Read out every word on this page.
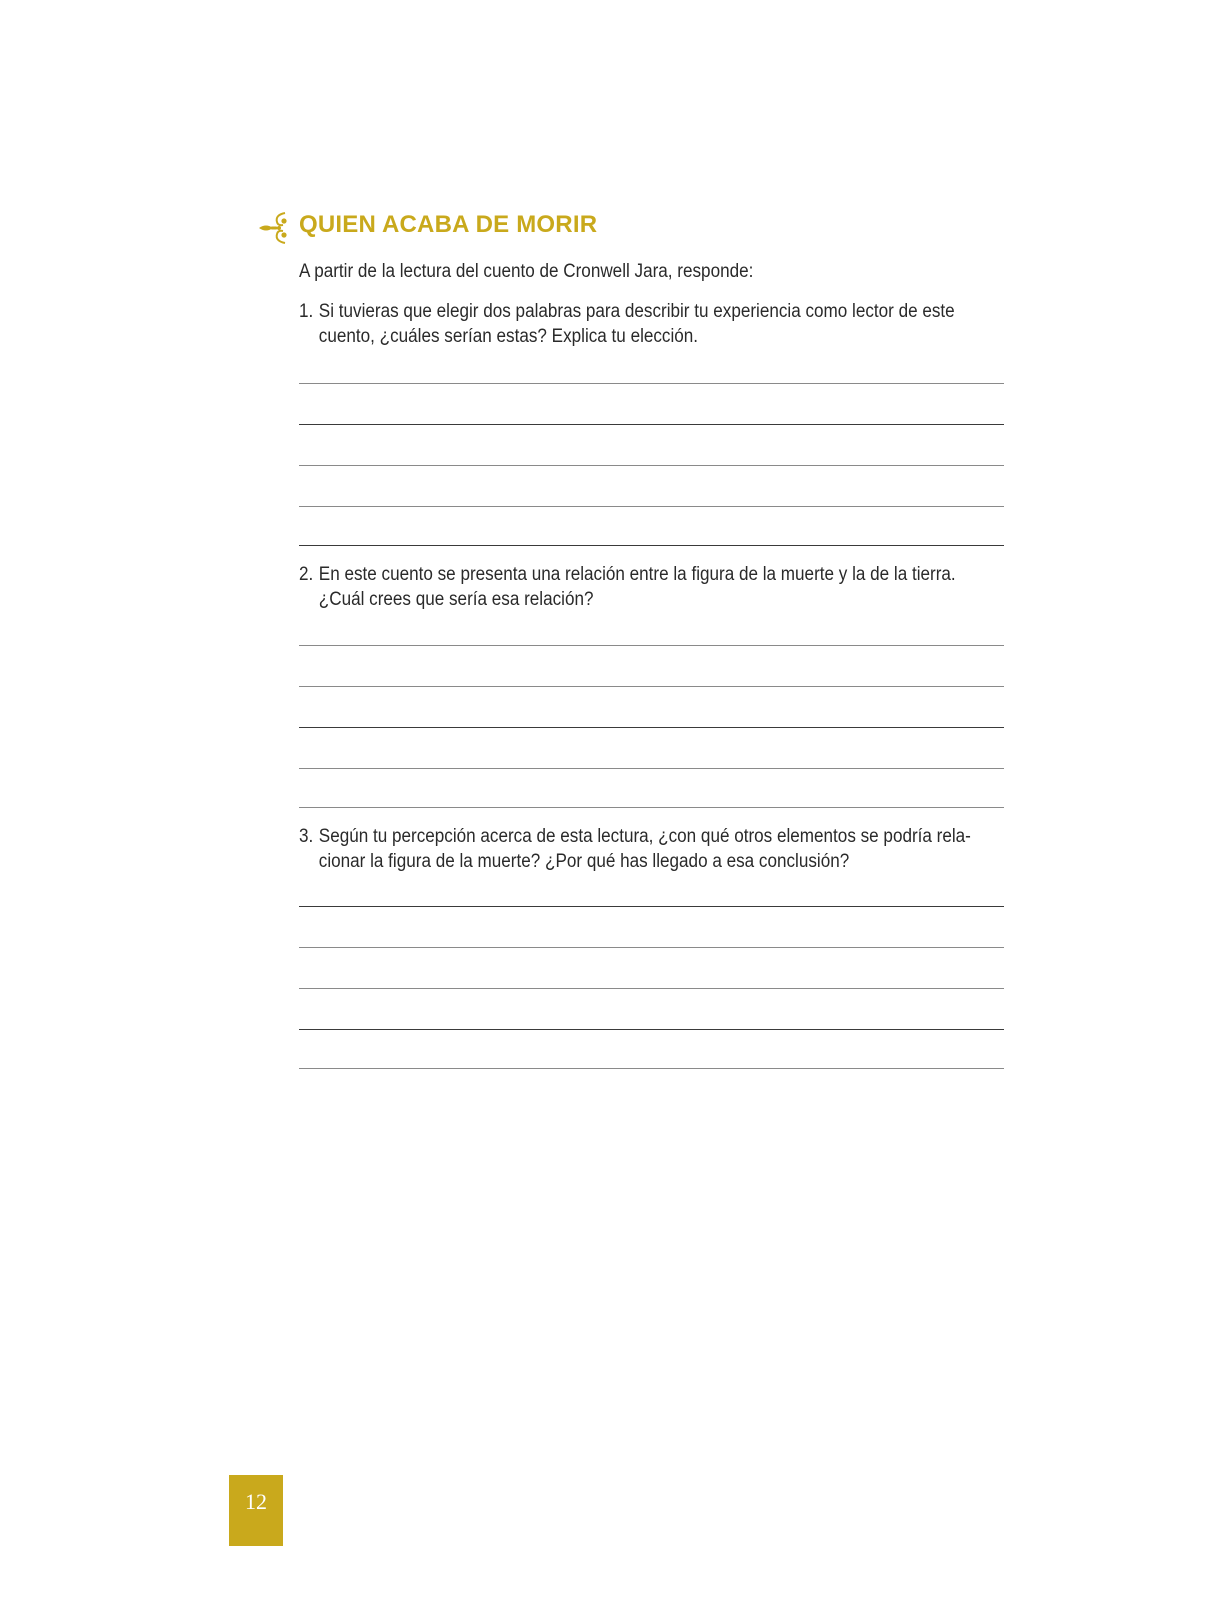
QUIEN ACABA DE MORIR
A partir de la lectura del cuento de Cronwell Jara, responde:
1. Si tuvieras que elegir dos palabras para describir tu experiencia como lector de este
cuento, ¿cuáles serían estas? Explica tu elección.
2. En este cuento se presenta una relación entre la figura de la muerte y la de la tierra.
¿Cuál crees que sería esa relación?
3. Según tu percepción acerca de esta lectura, ¿con qué otros elementos se podría rela-
cionar la figura de la muerte? ¿Por qué has llegado a esa conclusión?
12
